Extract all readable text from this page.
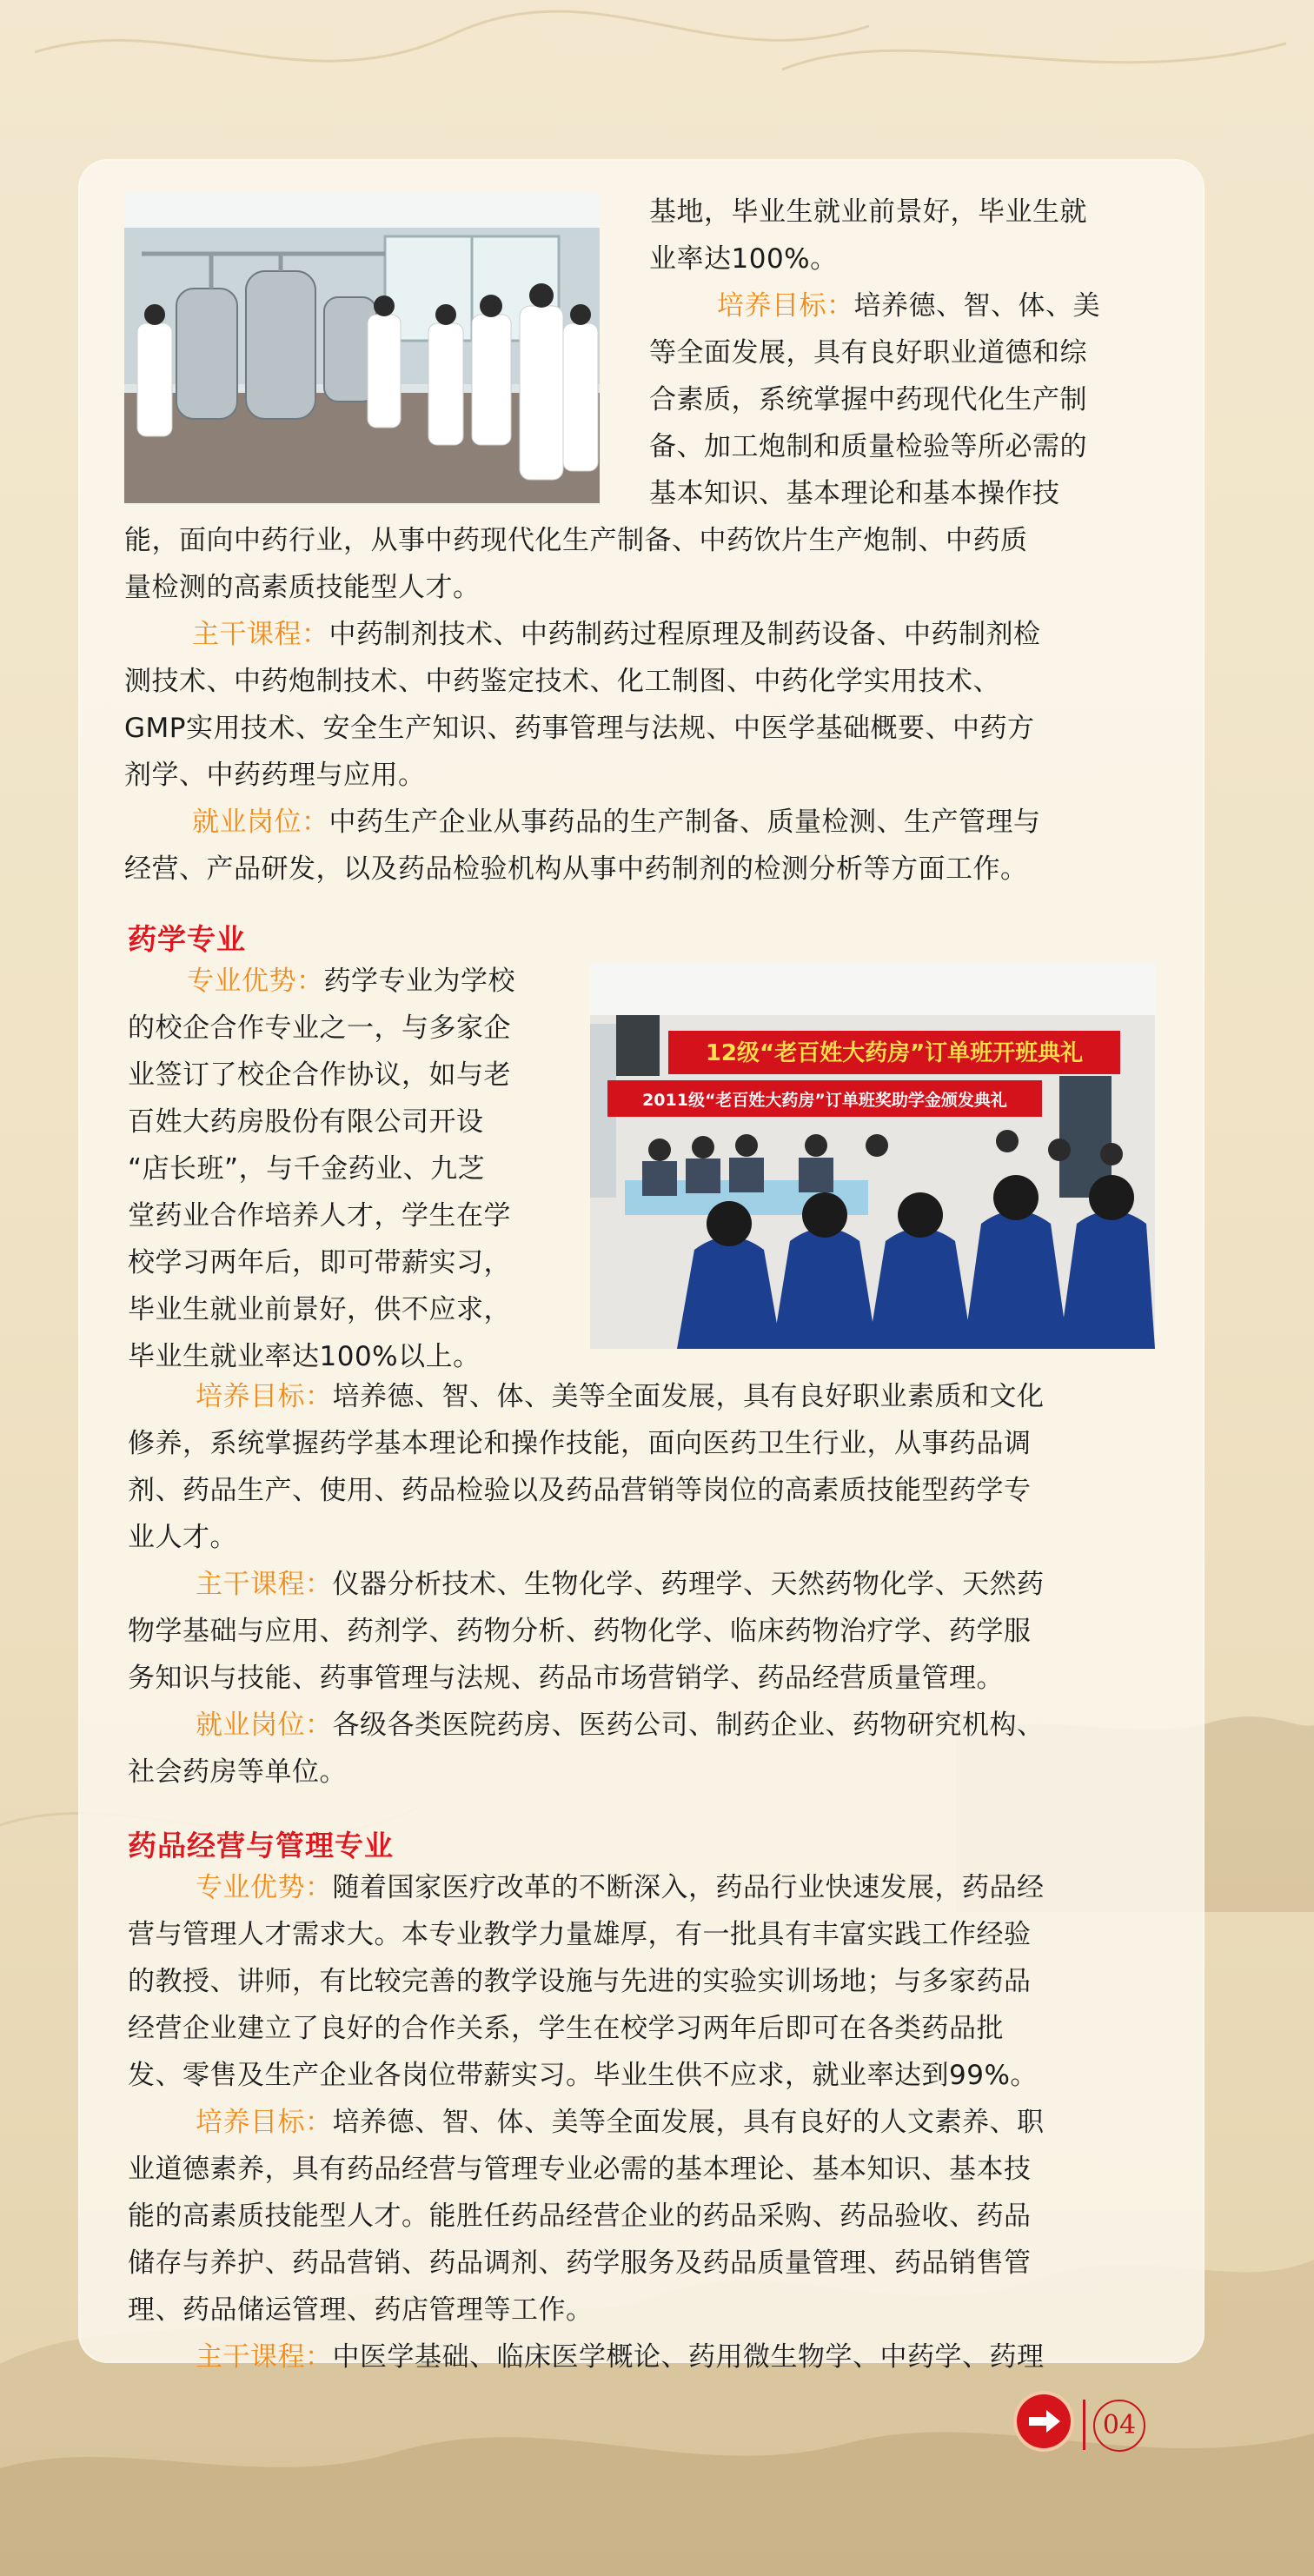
12级“老百姓大药房”订单班开班典礼
2011级“老百姓大药房”订单班奖助学金颁发典礼

基地，毕业生就业前景好，毕业生就

业率达100%。

培养目标：培养德、智、体、美

等全面发展，具有良好职业道德和综

合素质，系统掌握中药现代化生产制

备、加工炮制和质量检验等所必需的

基本知识、基本理论和基本操作技

能，面向中药行业，从事中药现代化生产制备、中药饮片生产炮制、中药质

量检测的高素质技能型人才。

主干课程：中药制剂技术、中药制药过程原理及制药设备、中药制剂检

测技术、中药炮制技术、中药鉴定技术、化工制图、中药化学实用技术、

GMP实用技术、安全生产知识、药事管理与法规、中医学基础概要、中药方

剂学、中药药理与应用。

就业岗位：中药生产企业从事药品的生产制备、质量检测、生产管理与

经营、产品研发，以及药品检验机构从事中药制剂的检测分析等方面工作。

药学专业

专业优势：药学专业为学校

的校企合作专业之一，与多家企

业签订了校企合作协议，如与老

百姓大药房股份有限公司开设

“店长班”，与千金药业、九芝

堂药业合作培养人才，学生在学

校学习两年后，即可带薪实习，

毕业生就业前景好，供不应求，

毕业生就业率达100%以上。

培养目标：培养德、智、体、美等全面发展，具有良好职业素质和文化

修养，系统掌握药学基本理论和操作技能，面向医药卫生行业，从事药品调

剂、药品生产、使用、药品检验以及药品营销等岗位的高素质技能型药学专

业人才。

主干课程：仪器分析技术、生物化学、药理学、天然药物化学、天然药

物学基础与应用、药剂学、药物分析、药物化学、临床药物治疗学、药学服

务知识与技能、药事管理与法规、药品市场营销学、药品经营质量管理。

就业岗位：各级各类医院药房、医药公司、制药企业、药物研究机构、

社会药房等单位。

药品经营与管理专业

专业优势：随着国家医疗改革的不断深入，药品行业快速发展，药品经

营与管理人才需求大。本专业教学力量雄厚，有一批具有丰富实践工作经验

的教授、讲师，有比较完善的教学设施与先进的实验实训场地；与多家药品

经营企业建立了良好的合作关系，学生在校学习两年后即可在各类药品批

发、零售及生产企业各岗位带薪实习。毕业生供不应求，就业率达到99%。

培养目标：培养德、智、体、美等全面发展，具有良好的人文素养、职

业道德素养，具有药品经营与管理专业必需的基本理论、基本知识、基本技

能的高素质技能型人才。能胜任药品经营企业的药品采购、药品验收、药品

储存与养护、药品营销、药品调剂、药学服务及药品质量管理、药品销售管

理、药品储运管理、药店管理等工作。

主干课程：中医学基础、临床医学概论、药用微生物学、中药学、药理

04
